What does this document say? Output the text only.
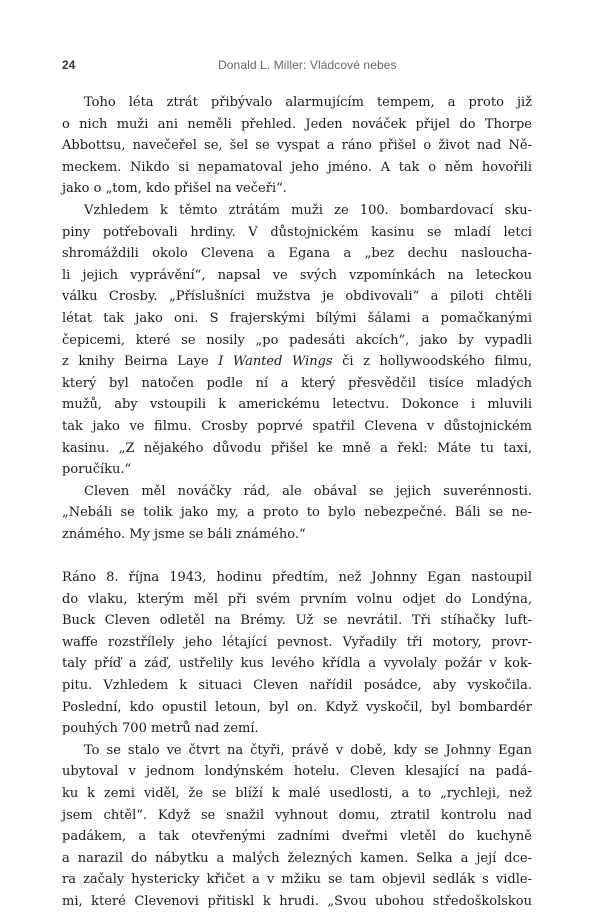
24	Donald L. Miller: Vládcové nebes

Toho léta ztrát přibývalo alarmujícím tempem, a proto již
o nich muži ani neměli přehled. Jeden nováček přijel do Thorpe
Abbottsu, navečeřel se, šel se vyspat a ráno přišel o život nad Ně-
meckem. Nikdo si nepamatoval jeho jméno. A tak o něm hovořili
jako o „tom, kdo přišel na večeři“.

Vzhledem k těmto ztrátám muži ze 100. bombardovací sku-
piny potřebovali hrdiny. V důstojnickém kasinu se mladí letci
shromáždili okolo Clevena a Egana a „bez dechu nasloucha-
li jejich vyprávění“, napsal ve svých vzpomínkách na leteckou
válku Crosby. „Příslušníci mužstva je obdivovali“ a piloti chtěli
létat tak jako oni. S frajerskými bílými šálami a pomačkanými
čepicemi, které se nosily „po padesáti akcích“, jako by vypadli
z knihy Beirna Laye I Wanted Wings či z hollywoodského filmu,
který byl natočen podle ní a který přesvědčil tisíce mladých
mužů, aby vstoupili k americkému letectvu. Dokonce i mluvili
tak jako ve filmu. Crosby poprvé spatřil Clevena v důstojnickém
kasinu. „Z nějakého důvodu přišel ke mně a řekl: Máte tu taxi,
poručíku.“

Cleven měl nováčky rád, ale obával se jejich suverénnosti.
„Nebáli se tolik jako my, a proto to bylo nebezpečné. Báli se ne-
známého. My jsme se báli známého.“

Ráno 8. října 1943, hodinu předtím, než Johnny Egan nastoupil
do vlaku, kterým měl při svém prvním volnu odjet do Londýna,
Buck Cleven odletěl na Brémy. Už se nevrátil. Tři stíhačky luft-
waffe rozstřílely jeho létající pevnost. Vyřadily tři motory, provr-
taly příď a záď, ustřelily kus levého křídla a vyvolaly požár v kok-
pitu. Vzhledem k situaci Cleven nařídil posádce, aby vyskočila.
Poslední, kdo opustil letoun, byl on. Když vyskočil, byl bombardér
pouhých 700 metrů nad zemí.

To se stalo ve čtvrt na čtyři, právě v době, kdy se Johnny Egan
ubytoval v jednom londýnském hotelu. Cleven klesající na padá-
ku k zemi viděl, že se blíží k malé usedlosti, a to „rychleji, než
jsem chtěl“. Když se snažil vyhnout domu, ztratil kontrolu nad
padákem, a tak otevřenými zadními dveřmi vletěl do kuchyně
a narazil do nábytku a malých železných kamen. Selka a její dce-
ra začaly hystericky křičet a v mžiku se tam objevil sedlák s vidle-
mi, které Clevenovi přitiskl k hrudi. „Svou ubohou středoškolskou
